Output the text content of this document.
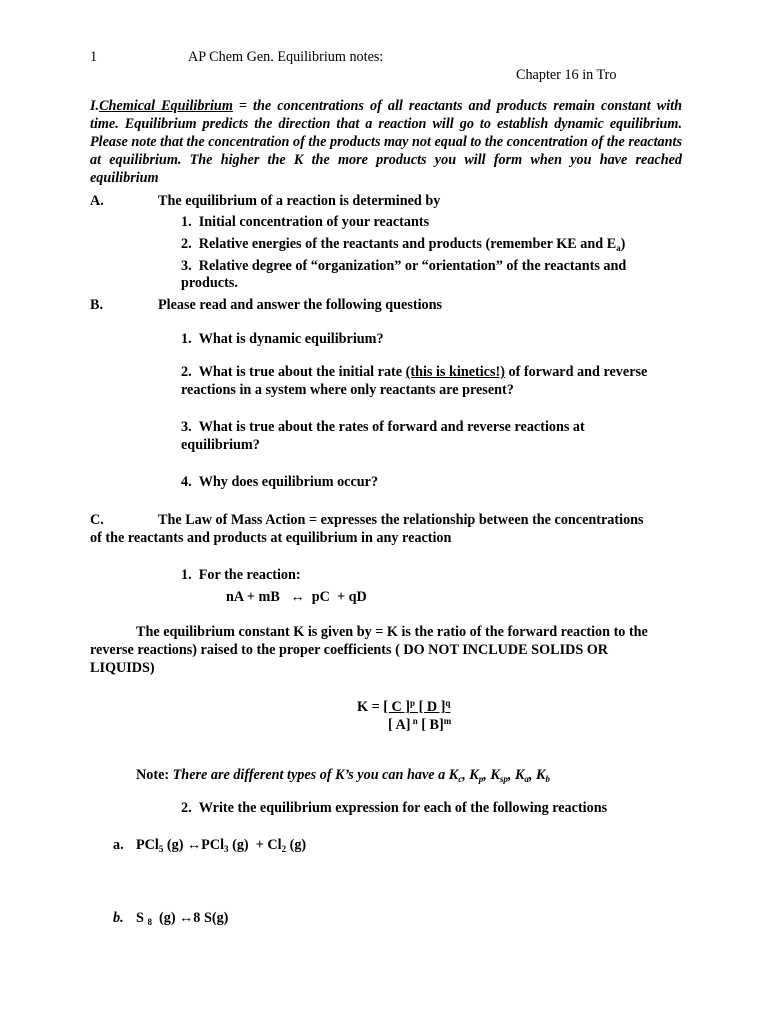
1	AP Chem Gen. Equilibrium notes:
Chapter 16 in Tro
I.Chemical Equilibrium = the concentrations of all reactants and products remain constant with time. Equilibrium predicts the direction that a reaction will go to establish dynamic equilibrium. Please note that the concentration of the products may not equal to the concentration of the reactants at equilibrium. The higher the K the more products you will form when you have reached equilibrium
A.	The equilibrium of a reaction is determined by
1.  Initial concentration of your reactants
2.  Relative energies of the reactants and products (remember KE and $E_a$)
3.  Relative degree of “organization” or “orientation” of the reactants and
products.
B.	Please read and answer the following questions
1.  What is dynamic equilibrium?
2.  What is true about the initial rate (this is kinetics!) of forward and reverse
reactions in a system where only reactants are present?
3.  What is true about the rates of forward and reverse reactions at
equilibrium?
4.  Why does equilibrium occur?
C.	The Law of Mass Action = expresses the relationship between the concentrations
of the reactants and products at equilibrium in any reaction
1.  For the reaction:
nA + mB   ↔  pC  + qD
The equilibrium constant K is given by = K is the ratio of the forward reaction to the
reverse reactions) raised to the proper coefficients ( DO NOT INCLUDE SOLIDS OR
LIQUIDS)
K = [ C ]$^p$ [ D ]$^q$
[ A] $^n$ [ B]$^m$
Note: There are different types of K’s you can have a $K_c$, $K_p$, $K_{sp}$, $K_a$, $K_b$
2.  Write the equilibrium expression for each of the following reactions
a. PCl$_5$ (g) ↔PCl$_3$ $(g) + Cl_2$ (g)
b. S $_8$  (g) ↔8 S(g)
